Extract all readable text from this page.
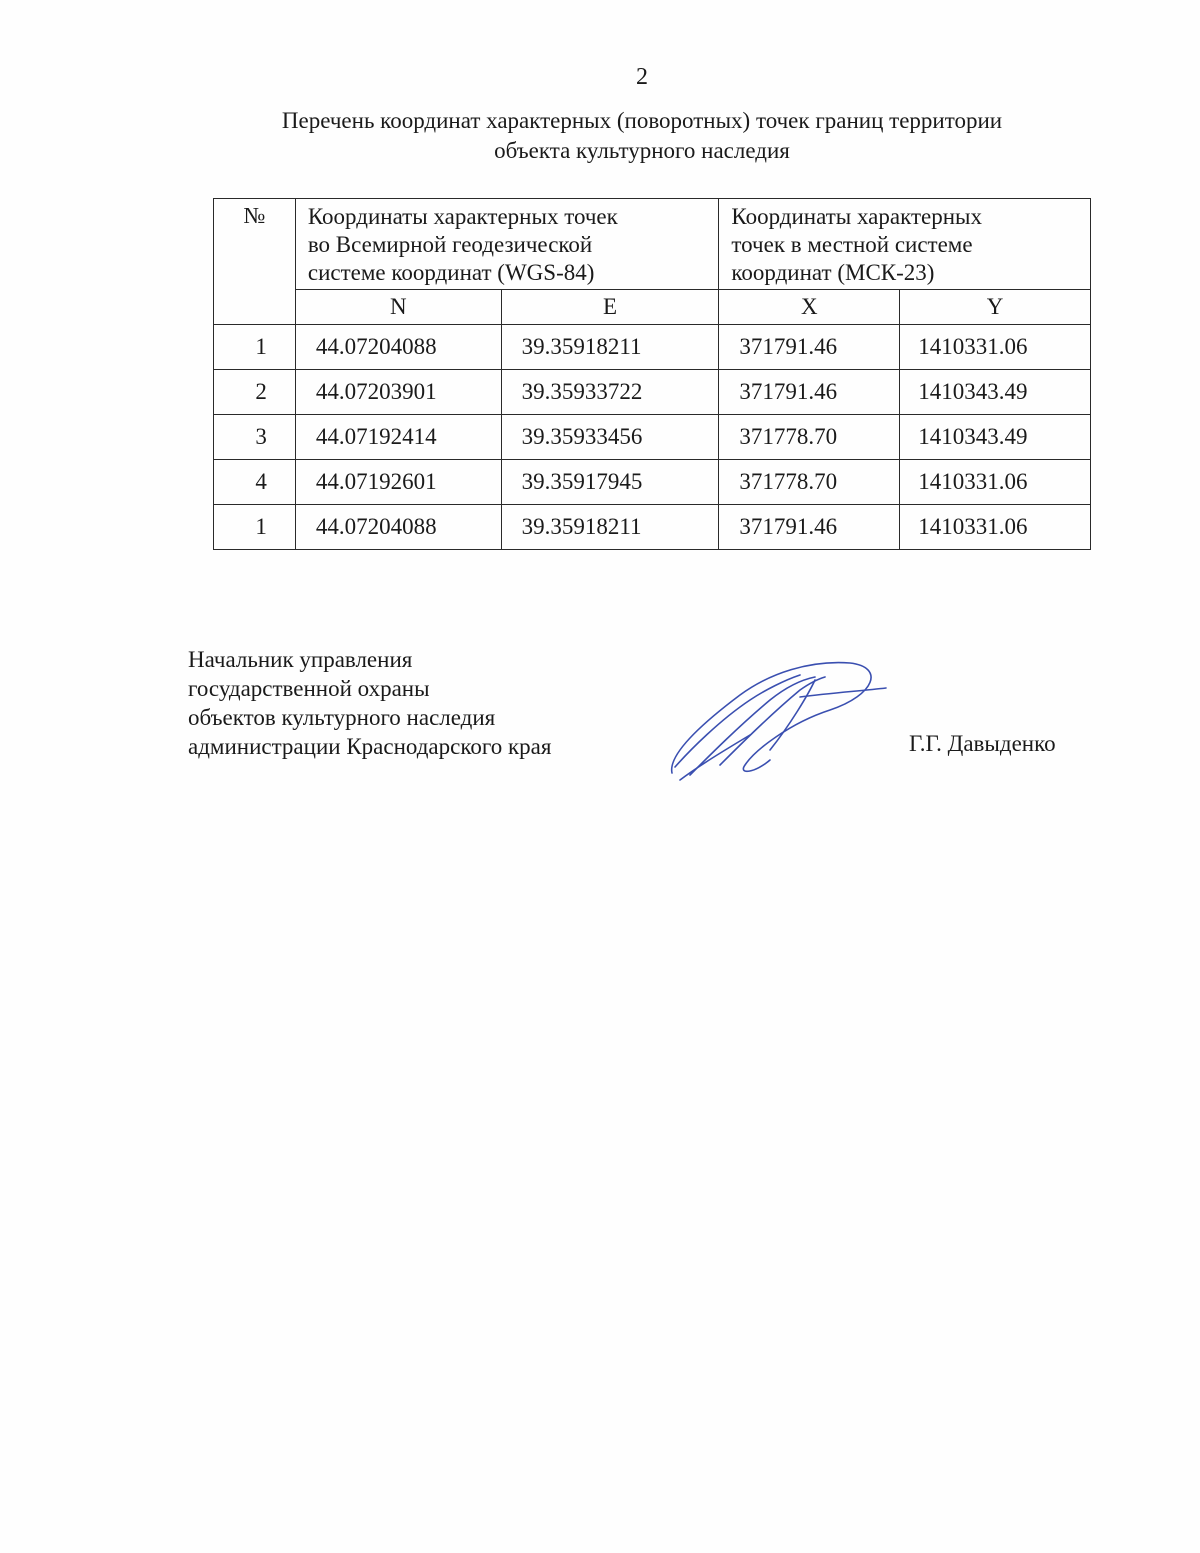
2
Перечень координат характерных (поворотных) точек границ территории
объекта культурного наследия
№	Координаты характерных точек
во Всемирной геодезической
системе координат (WGS-84)		Координаты характерных
точек в местной системе
координат (МСК-23)	

	N	E	X	Y
1	44.07204088	39.35918211	371791.46	1410331.06
2	44.07203901	39.35933722	371791.46	1410343.49
3	44.07192414	39.35933456	371778.70	1410343.49
4	44.07192601	39.35917945	371778.70	1410331.06
1	44.07204088	39.35918211	371791.46	1410331.06
Начальник управления
государственной охраны
объектов культурного наследия
администрации Краснодарского края	Г.Г. Давыденко
